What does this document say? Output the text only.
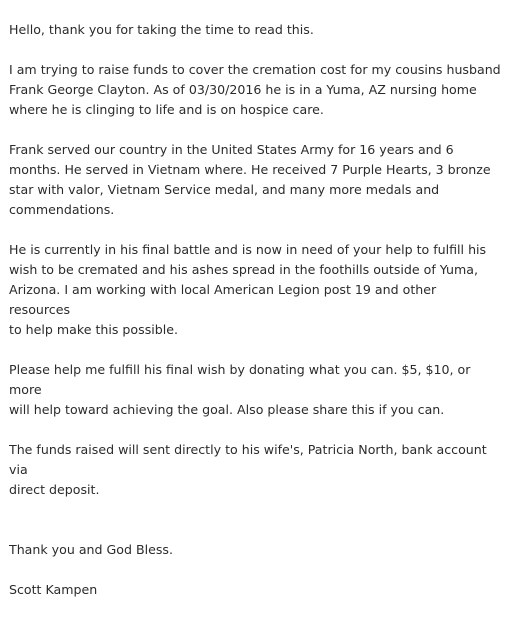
Hello, thank you for taking the time to read this.

I am trying to raise funds to cover the cremation cost for my cousins husband
Frank George Clayton. As of 03/30/2016 he is in a Yuma, AZ nursing home
where he is clinging to life and is on hospice care.

Frank served our country in the United States Army for 16 years and 6
months. He served in Vietnam where. He received 7 Purple Hearts, 3 bronze
star with valor, Vietnam Service medal, and many more medals and
commendations.

He is currently in his final battle and is now in need of your help to fulfill his
wish to be cremated and his ashes spread in the foothills outside of Yuma,
Arizona. I am working with local American Legion post 19 and other resources
to help make this possible.

Please help me fulfill his final wish by donating what you can. $5, $10, or more
will help toward achieving the goal. Also please share this if you can.

The funds raised will sent directly to his wife's, Patricia North, bank account via
direct deposit.

Thank you and God Bless.

Scott Kampen
